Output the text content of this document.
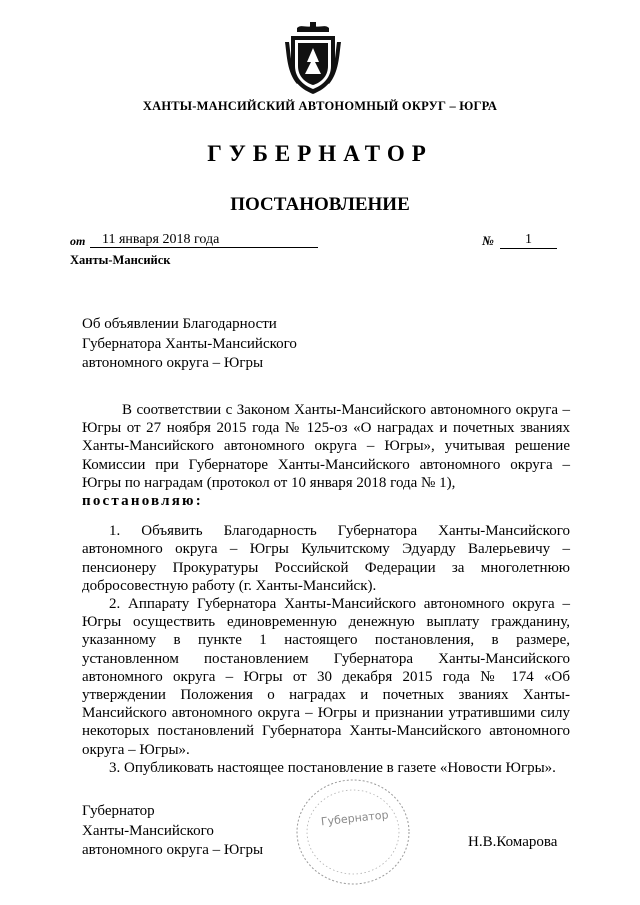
ХАНТЫ-МАНСИЙСКИЙ АВТОНОМНЫЙ ОКРУГ – ЮГРА
ГУБЕРНАТОР
ПОСТАНОВЛЕНИЕ
от	11 января 2018 года	№	1
Ханты-Мансийск
Об объявлении Благодарности
Губернатора Ханты-Мансийского
автономного округа – Югры

В соответствии с Законом Ханты-Мансийского автономного округа – Югры от 27 ноября 2015 года № 125-оз «О наградах и почетных званиях Ханты-Мансийского автономного округа – Югры», учитывая решение Комиссии при Губернаторе Ханты-Мансийского автономного округа – Югры по наградам (протокол от 10 января 2018 года № 1),
постановляю:

1. Объявить Благодарность Губернатора Ханты-Мансийского автономного округа – Югры Кульчитскому Эдуарду Валерьевичу – пенсионеру Прокуратуры Российской Федерации за многолетнюю добросовестную работу (г. Ханты-Мансийск).

2. Аппарату Губернатора Ханты-Мансийского автономного округа – Югры осуществить единовременную денежную выплату гражданину, указанному в пункте 1 настоящего постановления, в размере, установленном постановлением Губернатора Ханты-Мансийского автономного округа – Югры от 30 декабря 2015 года № 174 «Об утверждении Положения о наградах и почетных званиях Ханты-Мансийского автономного округа – Югры и признании утратившими силу некоторых постановлений Губернатора Ханты-Мансийского автономного округа – Югры».

3. Опубликовать настоящее постановление в газете «Новости Югры».

Губернатор
Губернатор
Ханты-Мансийского
автономного округа – Югры	Н.В.Комарова
